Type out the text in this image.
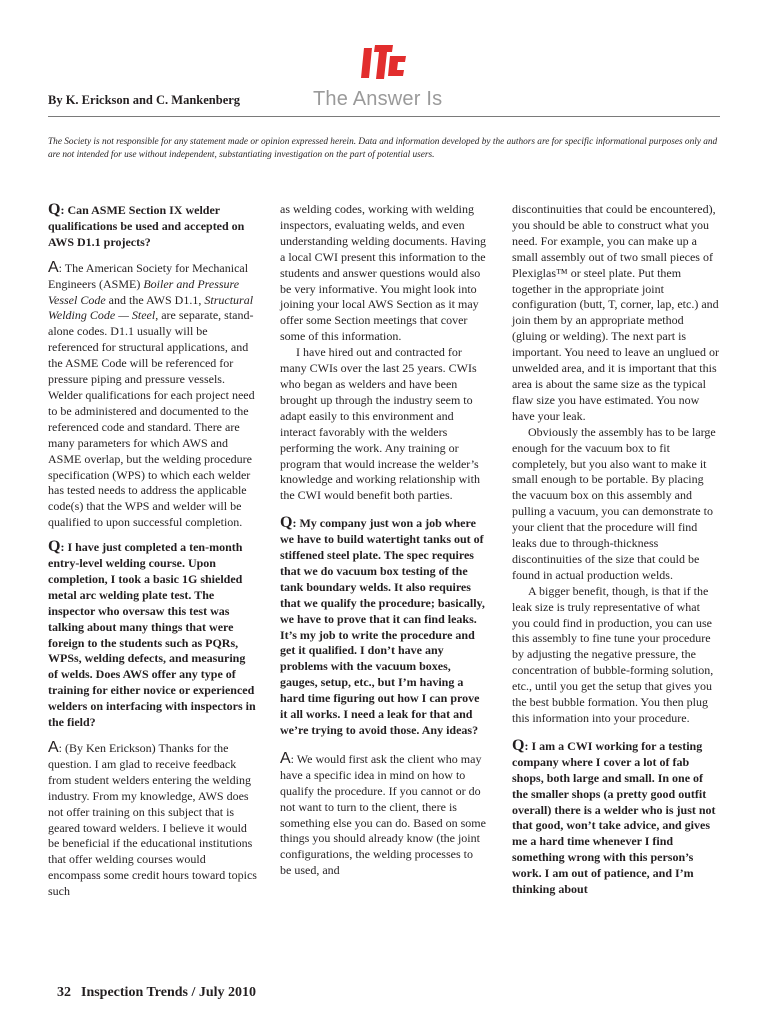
By K. Erickson and C. Mankenberg	The Answer Is
The Society is not responsible for any statement made or opinion expressed herein. Data and information developed by the authors are for specific informational purposes only and are not intended for use without independent, substantiating investigation on the part of potential users.

Q: Can ASME Section IX welder qualifications be used and accepted on AWS D1.1 projects?

A: The American Society for Mechanical Engineers (ASME) Boiler and Pressure Vessel Code and the AWS D1.1, Structural Welding Code — Steel, are separate, stand-alone codes. D1.1 usually will be referenced for structural applications, and the ASME Code will be referenced for pressure piping and pressure vessels. Welder qualifications for each project need to be administered and documented to the referenced code and standard. There are many parameters for which AWS and ASME overlap, but the welding procedure specification (WPS) to which each welder has tested needs to address the applicable code(s) that the WPS and welder will be qualified to upon successful completion.

Q: I have just completed a ten-month entry-level welding course. Upon completion, I took a basic 1G shielded metal arc welding plate test. The inspector who oversaw this test was talking about many things that were foreign to the students such as PQRs, WPSs, welding defects, and measuring of welds. Does AWS offer any type of training for either novice or experienced welders on interfacing with inspectors in the field?

A: (By Ken Erickson) Thanks for the question. I am glad to receive feedback from student welders entering the welding industry. From my knowledge, AWS does not offer training on this subject that is geared toward welders. I believe it would be beneficial if the educational institutions that offer welding courses would encompass some credit hours toward topics such

as welding codes, working with welding inspectors, evaluating welds, and even understanding welding documents. Having a local CWI present this information to the students and answer questions would also be very informative. You might look into joining your local AWS Section as it may offer some Section meetings that cover some of this information.

I have hired out and contracted for many CWIs over the last 25 years. CWIs who began as welders and have been brought up through the industry seem to adapt easily to this environment and interact favorably with the welders performing the work. Any training or program that would increase the welder’s knowledge and working relationship with the CWI would benefit both parties.

Q: My company just won a job where we have to build watertight tanks out of stiffened steel plate. The spec requires that we do vacuum box testing of the tank boundary welds. It also requires that we qualify the procedure; basically, we have to prove that it can find leaks. It’s my job to write the procedure and get it qualified. I don’t have any problems with the vacuum boxes, gauges, setup, etc., but I’m having a hard time figuring out how I can prove it all works. I need a leak for that and we’re trying to avoid those. Any ideas?

A: We would first ask the client who may have a specific idea in mind on how to qualify the procedure. If you cannot or do not want to turn to the client, there is something else you can do. Based on some things you should already know (the joint configurations, the welding processes to be used, and

discontinuities that could be encountered), you should be able to construct what you need. For example, you can make up a small assembly out of two small pieces of Plexiglas™ or steel plate. Put them together in the appropriate joint configuration (butt, T, corner, lap, etc.) and join them by an appropriate method (gluing or welding). The next part is important. You need to leave an unglued or unwelded area, and it is important that this area is about the same size as the typical flaw size you have estimated. You now have your leak.

Obviously the assembly has to be large enough for the vacuum box to fit completely, but you also want to make it small enough to be portable. By placing the vacuum box on this assembly and pulling a vacuum, you can demonstrate to your client that the procedure will find leaks due to through-thickness discontinuities of the size that could be found in actual production welds.

A bigger benefit, though, is that if the leak size is truly representative of what you could find in production, you can use this assembly to fine tune your procedure by adjusting the negative pressure, the concentration of bubble-forming solution, etc., until you get the setup that gives you the best bubble formation. You then plug this information into your procedure.

Q: I am a CWI working for a testing company where I cover a lot of fab shops, both large and small. In one of the smaller shops (a pretty good outfit overall) there is a welder who is just not that good, won’t take advice, and gives me a hard time whenever I find something wrong with this person’s work. I am out of patience, and I’m thinking about

32 Inspection Trends / July 2010
